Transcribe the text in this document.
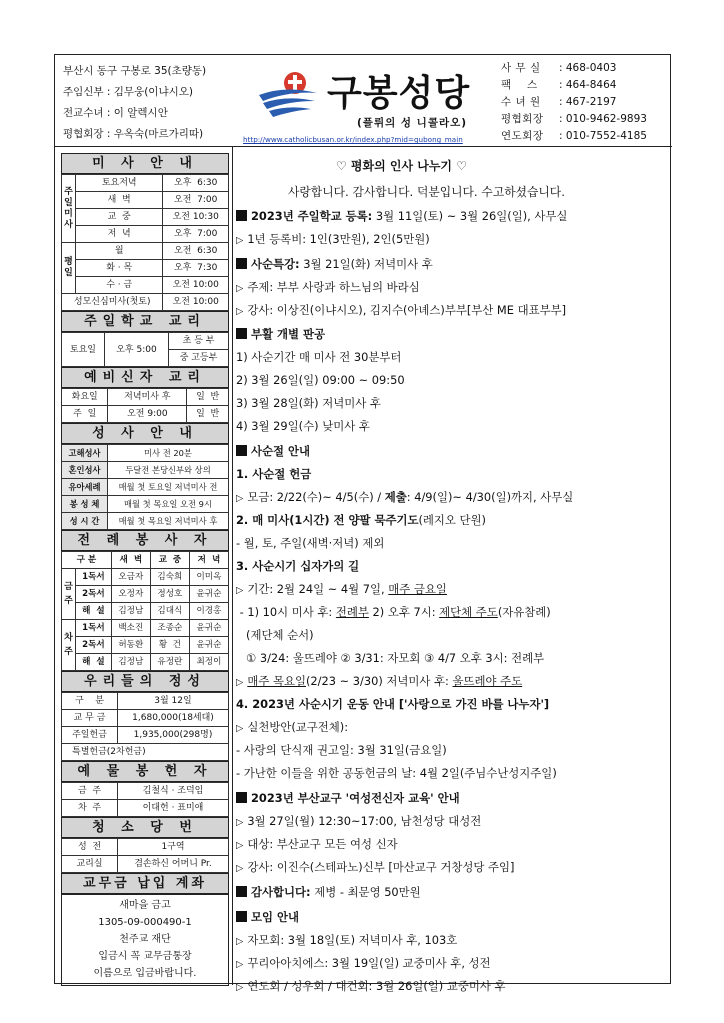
부산시 동구 구봉로 35(초량동)
주임신부 : 김무웅(이냐시오)
전교수녀 : 이 알렉시안
평협회장 : 우옥숙(마르가리따)
구봉성당
(플뤼의 성 니콜라오)
http://www.catholicbusan.or.kr/index.php?mid=gubong_main
사 무 실	: 468-0403
팩    스	: 464-8464
수 녀 원	: 467-2197
평협회장	: 010-9462-9893
연도회장	: 010-7552-4185
미 사 안 내
주
일
미
사	토요저녁	오후  6:30
	새  벽	오전  7:00
	교  중	오전 10:30
	저  녁	오후  7:00
평
일	월	오전  6:30
	화 · 목	오후  7:30
	수 · 금	오전 10:00
성모신심미사(첫토)		오전 10:00
주일학교 교리
토요일	오후 5:00	초 등 부
중 고등부
예비신자 교리
화요일	저녁미사 후	일  반
주  일	오전 9:00	일  반
성 사 안 내
고해성사	미사 전 20분
혼인성사	두달전 본당신부와 상의
유아세례	매월 첫 토요일 저녁미사 전
봉 성 체	매월 첫 목요일 오전 9시
성 시 간	매월 첫 목요일 저녁미사 후
전 례 봉 사 자
구 분		새  벽	교  중	저  녁
금
주	1독서	오금자	김숙희	이미옥
	2독서	오정자	정성호	윤귀순
	해  설	김정남	김대식	이경홍
차
주	1독서	백소진	조종순	윤귀순
	2독서	허동환	황  건	윤귀순
	해  설	김정남	유정란	최정이
우리들의 정성
구    분	3월 12일
교 무 금	1,680,000(18세대)
주일헌금	1,935,000(298명)
특별헌금(2차헌금)	
예 물 봉 헌 자
금  주	김철식 · 조덕임
차  주	이대헌 · 표미애
청 소 당 번
성  전	1구역
교리실	겸손하신 어머니 Pr.
교무금 납입 계좌
새마을 금고
1305-09-000490-1
천주교 재단
입금시 꼭 교무금통장
이름으로 입금바랍니다.
♡ 평화의 인사 나누기 ♡
사랑합니다. 감사합니다. 덕분입니다. 수고하셨습니다.
2023년 주일학교 등록: 3월 11일(토) ~ 3월 26일(일), 사무실
▷ 1년 등록비: 1인(3만원), 2인(5만원)
사순특강: 3월 21일(화) 저녁미사 후
▷ 주제: 부부 사랑과 하느님의 바라심
▷ 강사: 이상진(이냐시오), 김지수(아녜스)부부[부산 ME 대표부부]
부활 개별 판공
1) 사순기간 매 미사 전 30분부터
2) 3월 26일(일) 09:00 ~ 09:50
3) 3월 28일(화) 저녁미사 후
4) 3월 29일(수) 낮미사 후
사순절 안내
1. 사순절 헌금
▷ 모금: 2/22(수)~ 4/5(수) / 제출: 4/9(일)~ 4/30(일)까지, 사무실
2. 매 미사(1시간) 전 양팔 묵주기도(레지오 단원)
- 월, 토, 주일(새벽·저녁) 제외
3. 사순시기 십자가의 길
▷ 기간: 2월 24일 ~ 4월 7일, 매주 금요일
- 1) 10시 미사 후: 전례부 2) 오후 7시: 제단체 주도(자유참례)
(제단체 순서)
① 3/24: 울뜨레야 ② 3/31: 자모회 ③ 4/7 오후 3시: 전례부
▷ 매주 목요일(2/23 ~ 3/30) 저녁미사 후: 울뜨레야 주도
4. 2023년 사순시기 운동 안내 ['사랑으로 가진 바를 나누자']
▷ 실천방안(교구전체):
- 사랑의 단식재 권고일: 3월 31일(금요일)
- 가난한 이들을 위한 공동헌금의 날: 4월 2일(주님수난성지주일)
2023년 부산교구 '여성전신자 교육' 안내
▷ 3월 27일(월) 12:30~17:00, 남천성당 대성전
▷ 대상: 부산교구 모든 여성 신자
▷ 강사: 이진수(스테파노)신부 [마산교구 거창성당 주임]
감사합니다: 제병 - 최문영 50만원
모임 안내
▷ 자모회: 3월 18일(토) 저녁미사 후, 103호
▷ 꾸리아아치에스: 3월 19일(일) 교중미사 후, 성전
▷ 연도회 / 성우회 / 대건회: 3월 26일(일) 교중미사 후
